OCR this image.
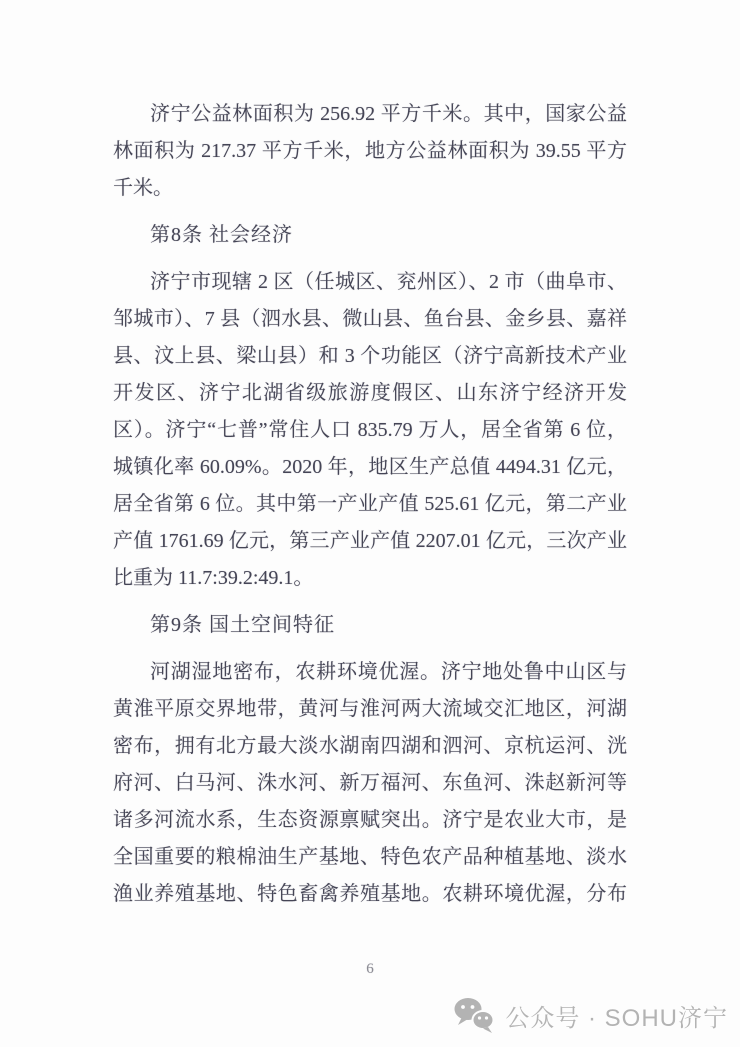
济宁公益林面积为 256.92 平方千米。其中，国家公益
林面积为 217.37 平方千米，地方公益林面积为 39.55 平方
千米。
第8条 社会经济
济宁市现辖 2 区（任城区、兖州区）、2 市（曲阜市、
邹城市）、7 县（泗水县、微山县、鱼台县、金乡县、嘉祥
县、汶上县、梁山县）和 3 个功能区（济宁高新技术产业
开发区、济宁北湖省级旅游度假区、山东济宁经济开发
区）。济宁“七普”常住人口 835.79 万人，居全省第 6 位，
城镇化率 60.09%。2020 年，地区生产总值 4494.31 亿元，
居全省第 6 位。其中第一产业产值 525.61 亿元，第二产业
产值 1761.69 亿元，第三产业产值 2207.01 亿元，三次产业
比重为 11.7:39.2:49.1。
第9条 国土空间特征
河湖湿地密布，农耕环境优渥。济宁地处鲁中山区与
黄淮平原交界地带，黄河与淮河两大流域交汇地区，河湖
密布，拥有北方最大淡水湖南四湖和泗河、京杭运河、洸
府河、白马河、洙水河、新万福河、东鱼河、洙赵新河等
诸多河流水系，生态资源禀赋突出。济宁是农业大市，是
全国重要的粮棉油生产基地、特色农产品种植基地、淡水
渔业养殖基地、特色畜禽养殖基地。农耕环境优渥，分布
6
公众号 · SOHU济宁
